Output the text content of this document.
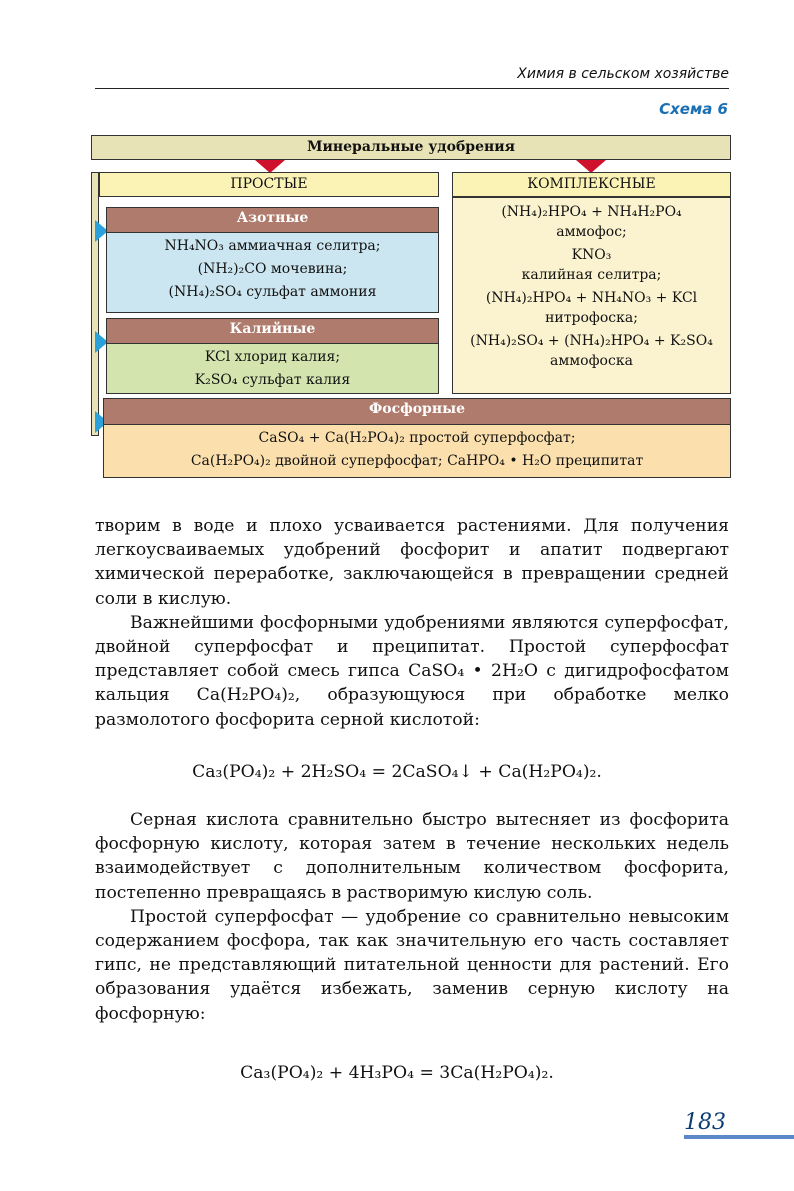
Химия в сельском хозяйстве
Схема 6
Минеральные удобрения
ПРОСТЫЕ
Азотные
NH₄NO₃ аммиачная селитра;
(NH₂)₂CO мочевина;
(NH₄)₂SO₄ сульфат аммония
Калийные
KCl хлорид калия;
K₂SO₄ сульфат калия
Фосфорные
CaSO₄ + Ca(H₂PO₄)₂ простой суперфосфат;
Ca(H₂PO₄)₂ двойной суперфосфат; CaHPO₄ • H₂O преципитат
КОМПЛЕКСНЫЕ
(NH₄)₂HPO₄ + NH₄H₂PO₄
аммофос;
KNO₃
калийная селитра;
(NH₄)₂HPO₄ + NH₄NO₃ + KCl
нитрофоска;
(NH₄)₂SO₄ + (NH₄)₂HPO₄ + K₂SO₄
аммофоска

творим в воде и плохо усваивается растениями. Для получения легкоусваиваемых удобрений фосфорит и апатит подвергают химической переработке, заключающейся в превращении средней соли в кислую.

Важнейшими фосфорными удобрениями являются суперфосфат, двойной суперфосфат и преципитат. Простой суперфосфат представляет собой смесь гипса CaSO₄ • 2H₂O с дигидрофосфатом кальция Ca(H₂PO₄)₂, образующуюся при обработке мелко размолотого фосфорита серной кислотой:

Ca₃(PO₄)₂ + 2H₂SO₄ = 2CaSO₄↓ + Ca(H₂PO₄)₂.

Серная кислота сравнительно быстро вытесняет из фосфорита фосфорную кислоту, которая затем в течение нескольких недель взаимодействует с дополнительным количеством фосфорита, постепенно превращаясь в растворимую кислую соль.

Простой суперфосфат — удобрение со сравнительно невысоким содержанием фосфора, так как значительную его часть составляет гипс, не представляющий питательной ценности для растений. Его образования удаётся избежать, заменив серную кислоту на фосфорную:

Ca₃(PO₄)₂ + 4H₃PO₄ = 3Ca(H₂PO₄)₂.
183
